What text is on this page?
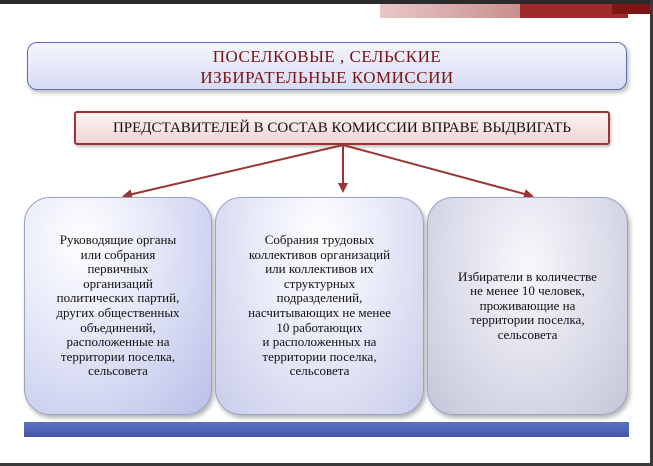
ПОСЕЛКОВЫЕ , СЕЛЬСКИЕ
ИЗБИРАТЕЛЬНЫЕ КОМИССИИ
ПРЕДСТАВИТЕЛЕЙ В СОСТАВ КОМИССИИ ВПРАВЕ ВЫДВИГАТЬ
Руководящие органы
или собрания
первичных
организаций
политических партий,
других общественных
объединений,
расположенные на
территории поселка,
сельсовета
Собрания трудовых
коллективов организаций
или коллективов их
структурных
подразделений,
насчитывающих не менее
10 работающих
и расположенных на
территории поселка,
сельсовета
Избиратели в количестве
не менее 10 человек,
проживающие на
территории поселка,
сельсовета
